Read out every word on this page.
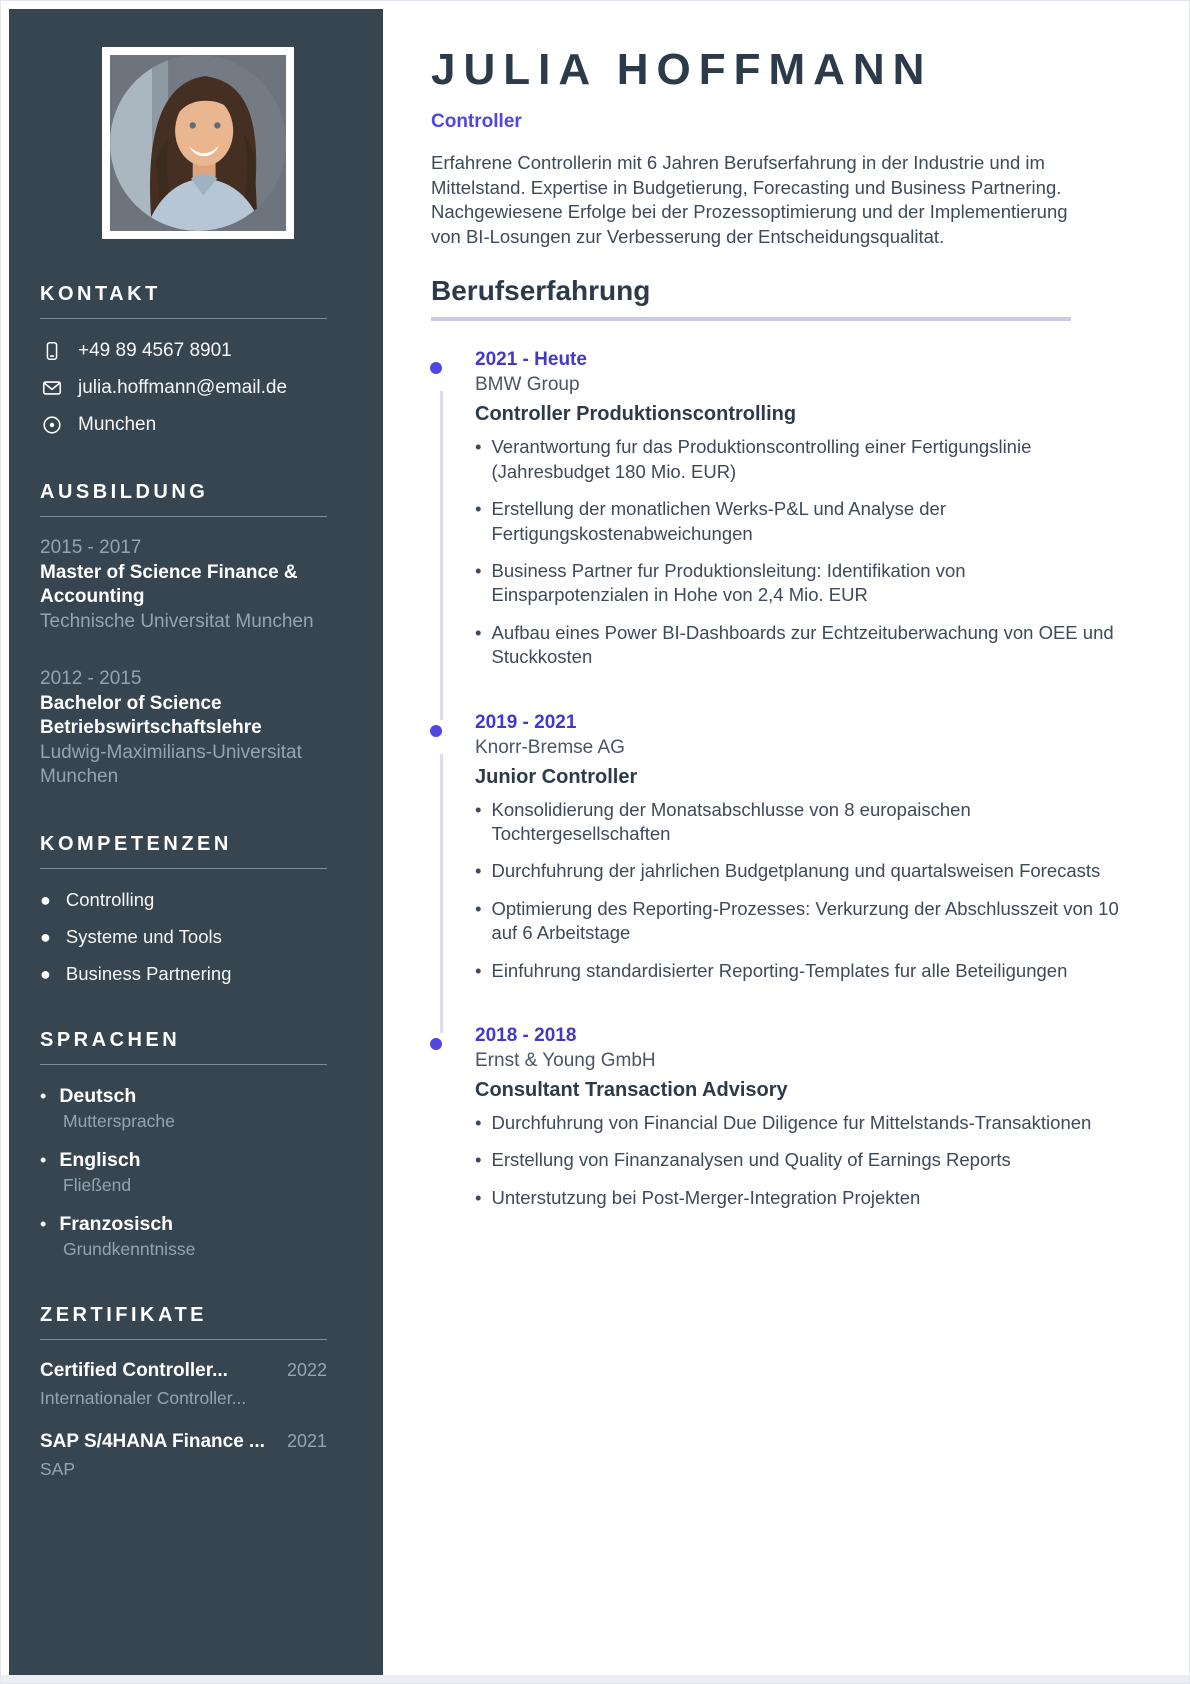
KONTAKT
+49 89 4567 8901
julia.hoffmann@email.de
Munchen
AUSBILDUNG
2015 - 2017
Master of Science Finance & Accounting
Technische Universitat Munchen
2012 - 2015
Bachelor of Science Betriebswirtschaftslehre
Ludwig-Maximilians-Universitat Munchen
KOMPETENZEN
● Controlling
● Systeme und Tools
● Business Partnering
SPRACHEN
• Deutsch
Muttersprache
• Englisch
Fließend
• Franzosisch
Grundkenntnisse
ZERTIFIKATE
Certified Controller...	2022
Internationaler Controller...
SAP S/4HANA Finance ... 2021
SAP
JULIA HOFFMANN
Controller

Erfahrene Controllerin mit 6 Jahren Berufserfahrung in der Industrie und im Mittelstand. Expertise in Budgetierung, Forecasting und Business Partnering. Nachgewiesene Erfolge bei der Prozessoptimierung und der Implementierung von BI-Losungen zur Verbesserung der Entscheidungsqualitat.

Berufserfahrung
2021 - Heute
BMW Group
Controller Produktionscontrolling
• Verantwortung fur das Produktionscontrolling einer Fertigungslinie (Jahresbudget 180 Mio. EUR)
• Erstellung der monatlichen Werks-P&L und Analyse der Fertigungskostenabweichungen
• Business Partner fur Produktionsleitung: Identifikation von Einsparpotenzialen in Hohe von 2,4 Mio. EUR
• Aufbau eines Power BI-Dashboards zur Echtzeituberwachung von OEE und Stuckkosten
2019 - 2021
Knorr-Bremse AG
Junior Controller
• Konsolidierung der Monatsabschlusse von 8 europaischen Tochtergesellschaften
• Durchfuhrung der jahrlichen Budgetplanung und quartalsweisen Forecasts
• Optimierung des Reporting-Prozesses: Verkurzung der Abschlusszeit von 10 auf 6 Arbeitstage
• Einfuhrung standardisierter Reporting-Templates fur alle Beteiligungen
2018 - 2018
Ernst & Young GmbH
Consultant Transaction Advisory
• Durchfuhrung von Financial Due Diligence fur Mittelstands-Transaktionen
• Erstellung von Finanzanalysen und Quality of Earnings Reports
• Unterstutzung bei Post-Merger-Integration Projekten
